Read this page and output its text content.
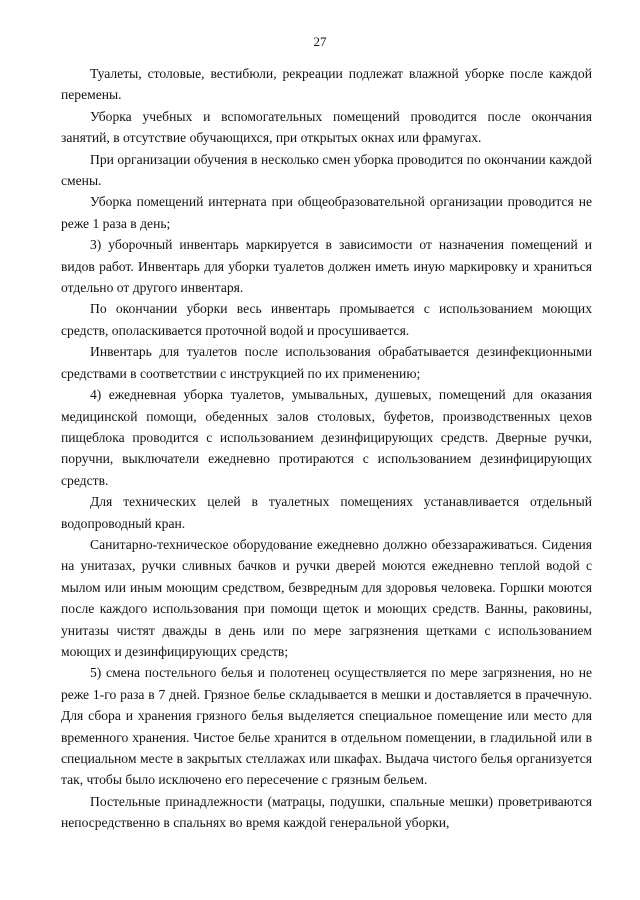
27

Туалеты, столовые, вестибюли, рекреации подлежат влажной уборке после каждой перемены.

Уборка учебных и вспомогательных помещений проводится после окончания занятий, в отсутствие обучающихся, при открытых окнах или фрамугах.

При организации обучения в несколько смен уборка проводится по окончании каждой смены.

Уборка помещений интерната при общеобразовательной организации проводится не реже 1 раза в день;

3) уборочный инвентарь маркируется в зависимости от назначения помещений и видов работ. Инвентарь для уборки туалетов должен иметь иную маркировку и храниться отдельно от другого инвентаря.

По окончании уборки весь инвентарь промывается с использованием моющих средств, ополаскивается проточной водой и просушивается.

Инвентарь для туалетов после использования обрабатывается дезинфекционными средствами в соответствии с инструкцией по их применению;

4) ежедневная уборка туалетов, умывальных, душевых, помещений для оказания медицинской помощи, обеденных залов столовых, буфетов, производственных цехов пищеблока проводится с использованием дезинфицирующих средств. Дверные ручки, поручни, выключатели ежедневно протираются с использованием дезинфицирующих средств.

Для технических целей в туалетных помещениях устанавливается отдельный водопроводный кран.

Санитарно-техническое оборудование ежедневно должно обеззараживаться. Сидения на унитазах, ручки сливных бачков и ручки дверей моются ежедневно теплой водой с мылом или иным моющим средством, безвредным для здоровья человека. Горшки моются после каждого использования при помощи щеток и моющих средств. Ванны, раковины, унитазы чистят дважды в день или по мере загрязнения щетками с использованием моющих и дезинфицирующих средств;

5) смена постельного белья и полотенец осуществляется по мере загрязнения, но не реже 1-го раза в 7 дней. Грязное белье складывается в мешки и доставляется в прачечную. Для сбора и хранения грязного белья выделяется специальное помещение или место для временного хранения. Чистое белье хранится в отдельном помещении, в гладильной или в специальном месте в закрытых стеллажах или шкафах. Выдача чистого белья организуется так, чтобы было исключено его пересечение с грязным бельем.

Постельные принадлежности (матрацы, подушки, спальные мешки) проветриваются непосредственно в спальнях во время каждой генеральной уборки,
